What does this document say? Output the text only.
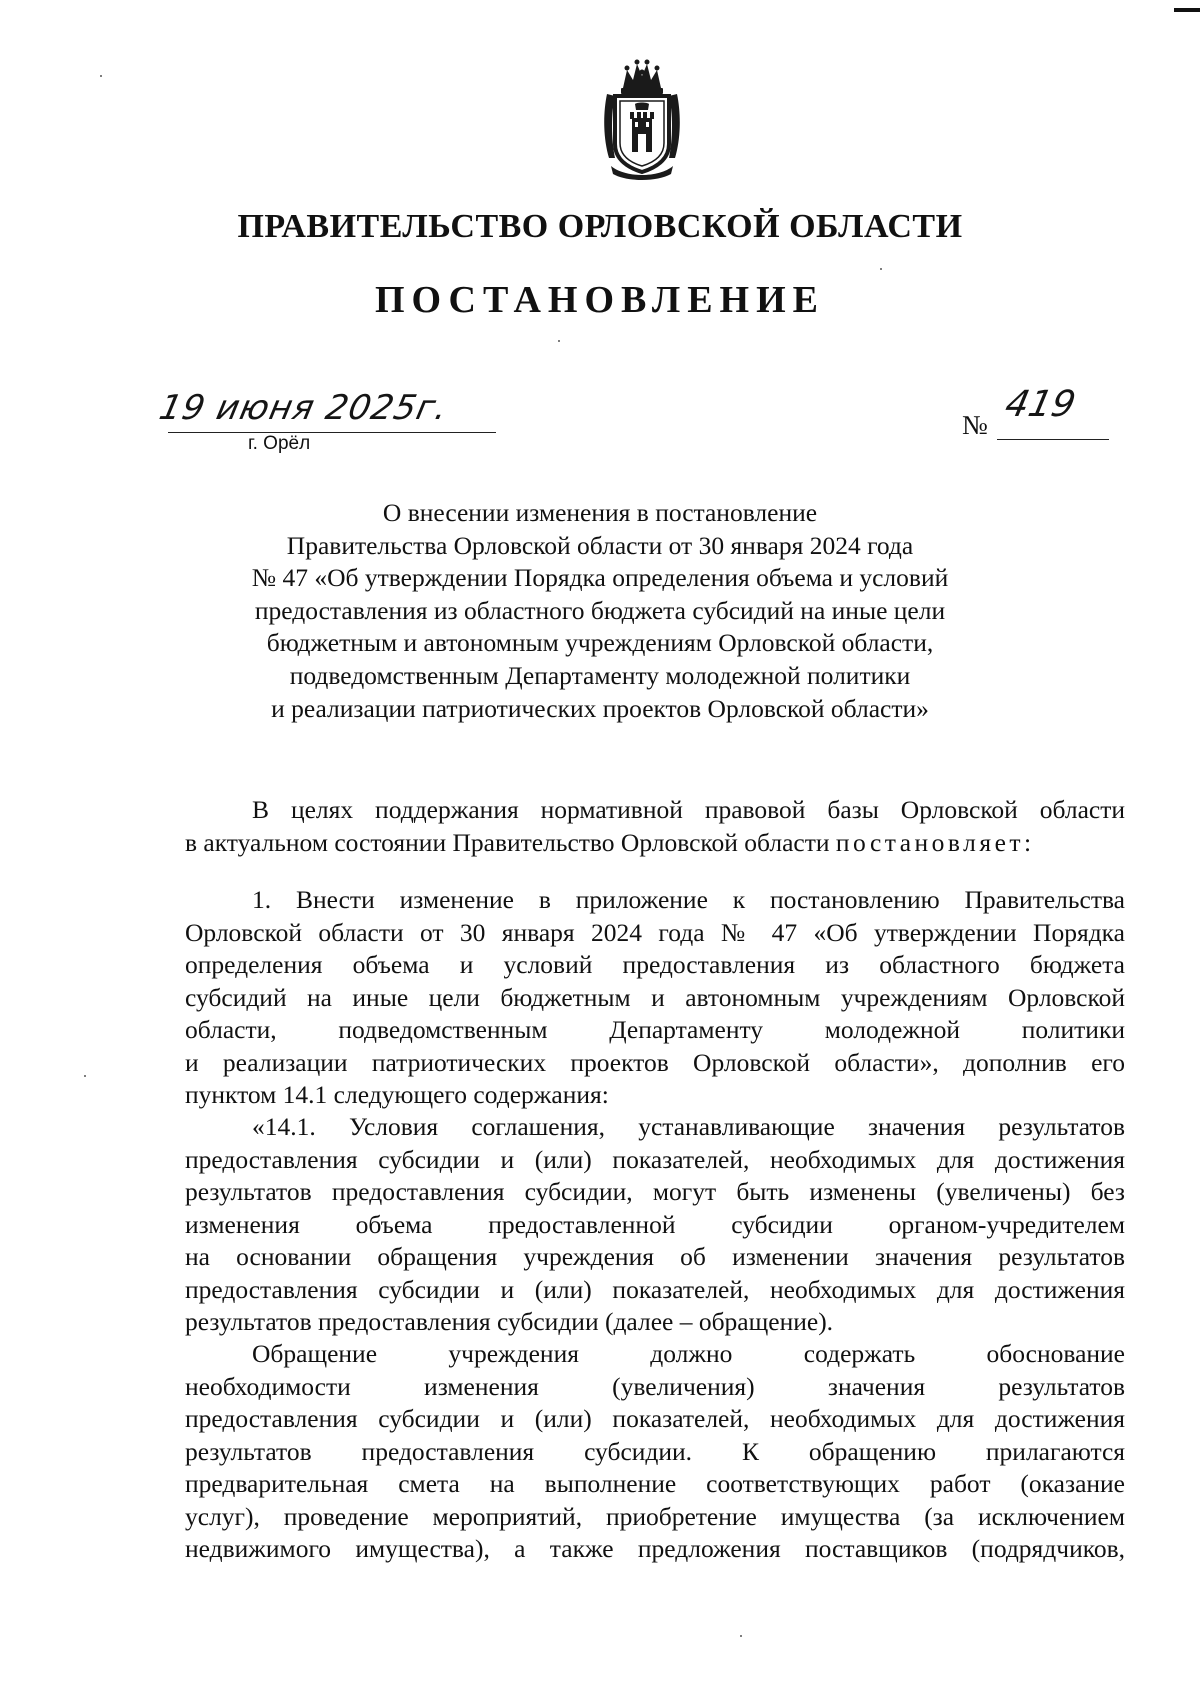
ПРАВИТЕЛЬСТВО ОРЛОВСКОЙ ОБЛАСТИ
ПОСТАНОВЛЕНИЕ
19 июня 2025г.
г. Орёл
№ 419
О внесении изменения в постановление
Правительства Орловской области от 30 января 2024 года
№ 47 «Об утверждении Порядка определения объема и условий
предоставления из областного бюджета субсидий на иные цели
бюджетным и автономным учреждениям Орловской области,
подведомственным Департаменту молодежной политики
и реализации патриотических проектов Орловской области»
В целях поддержания нормативной правовой базы Орловской области
в актуальном состоянии Правительство Орловской области постановляет:
1. Внести изменение в приложение к постановлению Правительства
Орловской области от 30 января 2024 года № 47 «Об утверждении Порядка
определения объема и условий предоставления из областного бюджета
субсидий на иные цели бюджетным и автономным учреждениям Орловской
области, подведомственным Департаменту молодежной политики
и реализации патриотических проектов Орловской области», дополнив его
пунктом 14.1 следующего содержания:
«14.1. Условия соглашения, устанавливающие значения результатов
предоставления субсидии и (или) показателей, необходимых для достижения
результатов предоставления субсидии, могут быть изменены (увеличены) без
изменения объема предоставленной субсидии органом-учредителем
на основании обращения учреждения об изменении значения результатов
предоставления субсидии и (или) показателей, необходимых для достижения
результатов предоставления субсидии (далее – обращение).
Обращение учреждения должно содержать обоснование
необходимости изменения (увеличения) значения результатов
предоставления субсидии и (или) показателей, необходимых для достижения
результатов предоставления субсидии. К обращению прилагаются
предварительная смета на выполнение соответствующих работ (оказание
услуг), проведение мероприятий, приобретение имущества (за исключением
недвижимого имущества), а также предложения поставщиков (подрядчиков,
